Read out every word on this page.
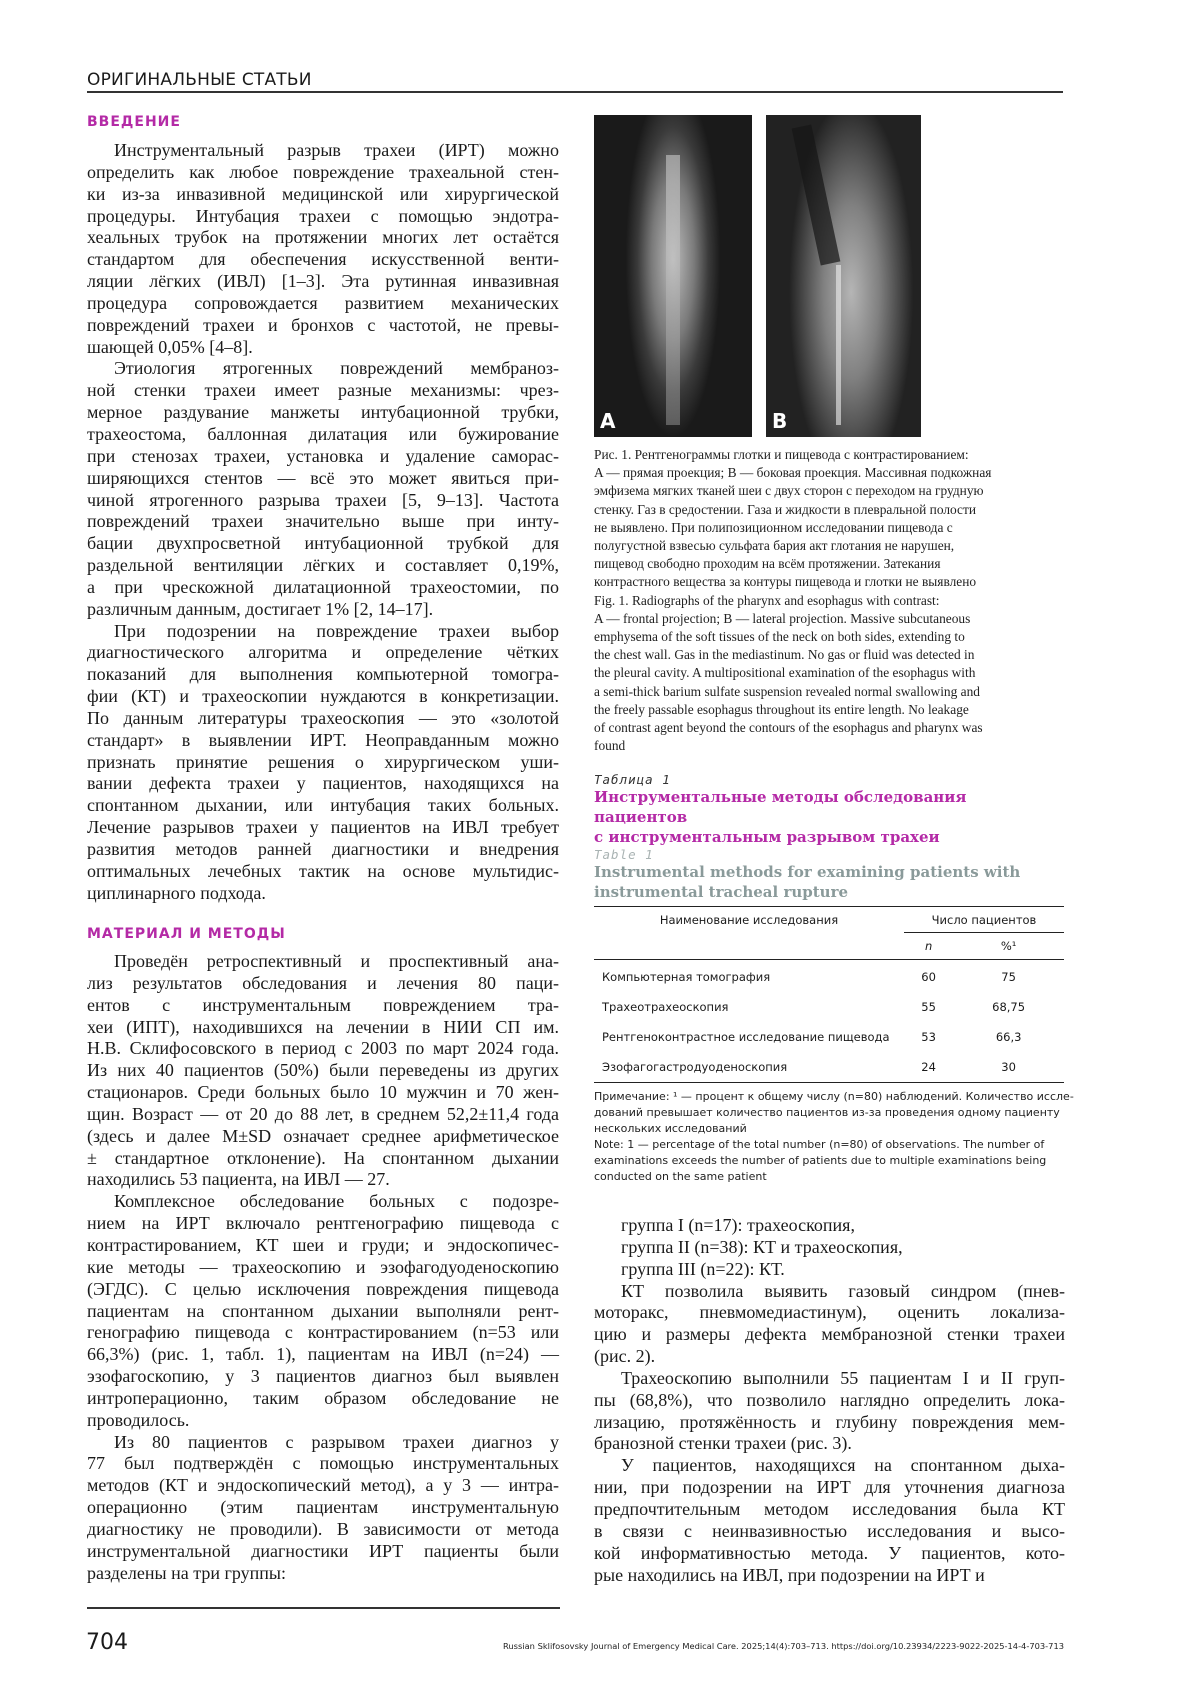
ОРИГИНАЛЬНЫЕ СТАТЬИ
ВВЕДЕНИЕ
Инструментальный разрыв трахеи (ИРТ) можно
определить как любое повреждение трахеальной стен-
ки из-за инвазивной медицинской или хирургической
процедуры. Интубация трахеи с помощью эндотра-
хеальных трубок на протяжении многих лет остаётся
стандартом для обеспечения искусственной венти-
ляции лёгких (ИВЛ) [1–3]. Эта рутинная инвазивная
процедура сопровождается развитием механических
повреждений трахеи и бронхов с частотой, не превы-
шающей 0,05% [4–8].
Этиология ятрогенных повреждений мембраноз-
ной стенки трахеи имеет разные механизмы: чрез-
мерное раздувание манжеты интубационной трубки,
трахеостома, баллонная дилатация или бужирование
при стенозах трахеи, установка и удаление саморас-
ширяющихся стентов — всё это может явиться при-
чиной ятрогенного разрыва трахеи [5, 9–13]. Частота
повреждений трахеи значительно выше при инту-
бации двухпросветной интубационной трубкой для
раздельной вентиляции лёгких и составляет 0,19%,
а при чрескожной дилатационной трахеостомии, по
различным данным, достигает 1% [2, 14–17].
При подозрении на повреждение трахеи выбор
диагностического алгоритма и определение чётких
показаний для выполнения компьютерной томогра-
фии (КТ) и трахеоскопии нуждаются в конкретизации.
По данным литературы трахеоскопия — это «золотой
стандарт» в выявлении ИРТ. Неоправданным можно
признать принятие решения о хирургическом уши-
вании дефекта трахеи у пациентов, находящихся на
спонтанном дыхании, или интубация таких больных.
Лечение разрывов трахеи у пациентов на ИВЛ требует
развития методов ранней диагностики и внедрения
оптимальных лечебных тактик на основе мультидис-
циплинарного подхода.
МАТЕРИАЛ И МЕТОДЫ
Проведён ретроспективный и проспективный ана-
лиз результатов обследования и лечения 80 паци-
ентов с инструментальным повреждением тра-
хеи (ИПТ), находившихся на лечении в НИИ СП им.
Н.В. Склифосовского в период с 2003 по март 2024 года.
Из них 40 пациентов (50%) были переведены из других
стационаров. Среди больных было 10 мужчин и 70 жен-
щин. Возраст — от 20 до 88 лет, в среднем 52,2±11,4 года
(здесь и далее M±SD означает среднее арифметическое
± стандартное отклонение). На спонтанном дыхании
находились 53 пациента, на ИВЛ — 27.
Комплексное обследование больных с подозре-
нием на ИРТ включало рентгенографию пищевода с
контрастированием, КТ шеи и груди; и эндоскопичес-
кие методы — трахеоскопию и эзофагодуоденоскопию
(ЭГДС). С целью исключения повреждения пищевода
пациентам на спонтанном дыхании выполняли рент-
генографию пищевода с контрастированием (n=53 или
66,3%) (рис. 1, табл. 1), пациентам на ИВЛ (n=24) —
эзофагоскопию, у 3 пациентов диагноз был выявлен
интроперационно, таким образом обследование не
проводилось.
Из 80 пациентов с разрывом трахеи диагноз у
77 был подтверждён с помощью инструментальных
методов (КТ и эндоскопический метод), а у 3 — интра-
операционно (этим пациентам инструментальную
диагностику не проводили). В зависимости от метода
инструментальной диагностики ИРТ пациенты были
разделены на три группы:
A	B
Рис. 1. Рентгенограммы глотки и пищевода с контрастированием:
A — прямая проекция; B — боковая проекция. Массивная подкожная
эмфизема мягких тканей шеи с двух сторон с переходом на грудную
стенку. Газ в средостении. Газа и жидкости в плевральной полости
не выявлено. При полипозиционном исследовании пищевода с
полугустной взвесью сульфата бария акт глотания не нарушен,
пищевод свободно проходим на всём протяжении. Затекания
контрастного вещества за контуры пищевода и глотки не выявлено
Fig. 1. Radiographs of the pharynx and esophagus with contrast:
A — frontal projection; B — lateral projection. Massive subcutaneous
emphysema of the soft tissues of the neck on both sides, extending to
the chest wall. Gas in the mediastinum. No gas or fluid was detected in
the pleural cavity. A multipositional examination of the esophagus with
a semi-thick barium sulfate suspension revealed normal swallowing and
the freely passable esophagus throughout its entire length. No leakage
of contrast agent beyond the contours of the esophagus and pharynx was
found
Таблица 1
Инструментальные методы обследования пациентов
с инструментальным разрывом трахеи
Table 1
Instrumental methods for examining patients with
instrumental tracheal rupture
Наименование исследования	Число пациентов	
	n	%¹
Компьютерная томография	60	75
Трахеотрахеоскопия	55	68,75
Рентгеноконтрастное исследование пищевода	53	66,3
Эзофагогастродуоденоскопия	24	30
Примечание: ¹ — процент к общему числу (n=80) наблюдений. Количество иссле-
дований превышает количество пациентов из-за проведения одному пациенту
нескольких исследований
Note: 1 — percentage of the total number (n=80) of observations. The number of
examinations exceeds the number of patients due to multiple examinations being
conducted on the same patient
группа I (n=17): трахеоскопия,
группа II (n=38): КТ и трахеоскопия,
группа III (n=22): КТ.
КТ позволила выявить газовый синдром (пнев-
моторакс, пневмомедиастинум), оценить локализа-
цию и размеры дефекта мембранозной стенки трахеи
(рис. 2).
Трахеоскопию выполнили 55 пациентам I и II груп-
пы (68,8%), что позволило наглядно определить лока-
лизацию, протяжённость и глубину повреждения мем-
бранозной стенки трахеи (рис. 3).
У пациентов, находящихся на спонтанном дыха-
нии, при подозрении на ИРТ для уточнения диагноза
предпочтительным методом исследования была КТ
в связи с неинвазивностью исследования и высо-
кой информативностью метода. У пациентов, кото-
рые находились на ИВЛ, при подозрении на ИРТ и
704	Russian Sklifosovsky Journal of Emergency Medical Care. 2025;14(4):703–713. https://doi.org/10.23934/2223-9022-2025-14-4-703-713
